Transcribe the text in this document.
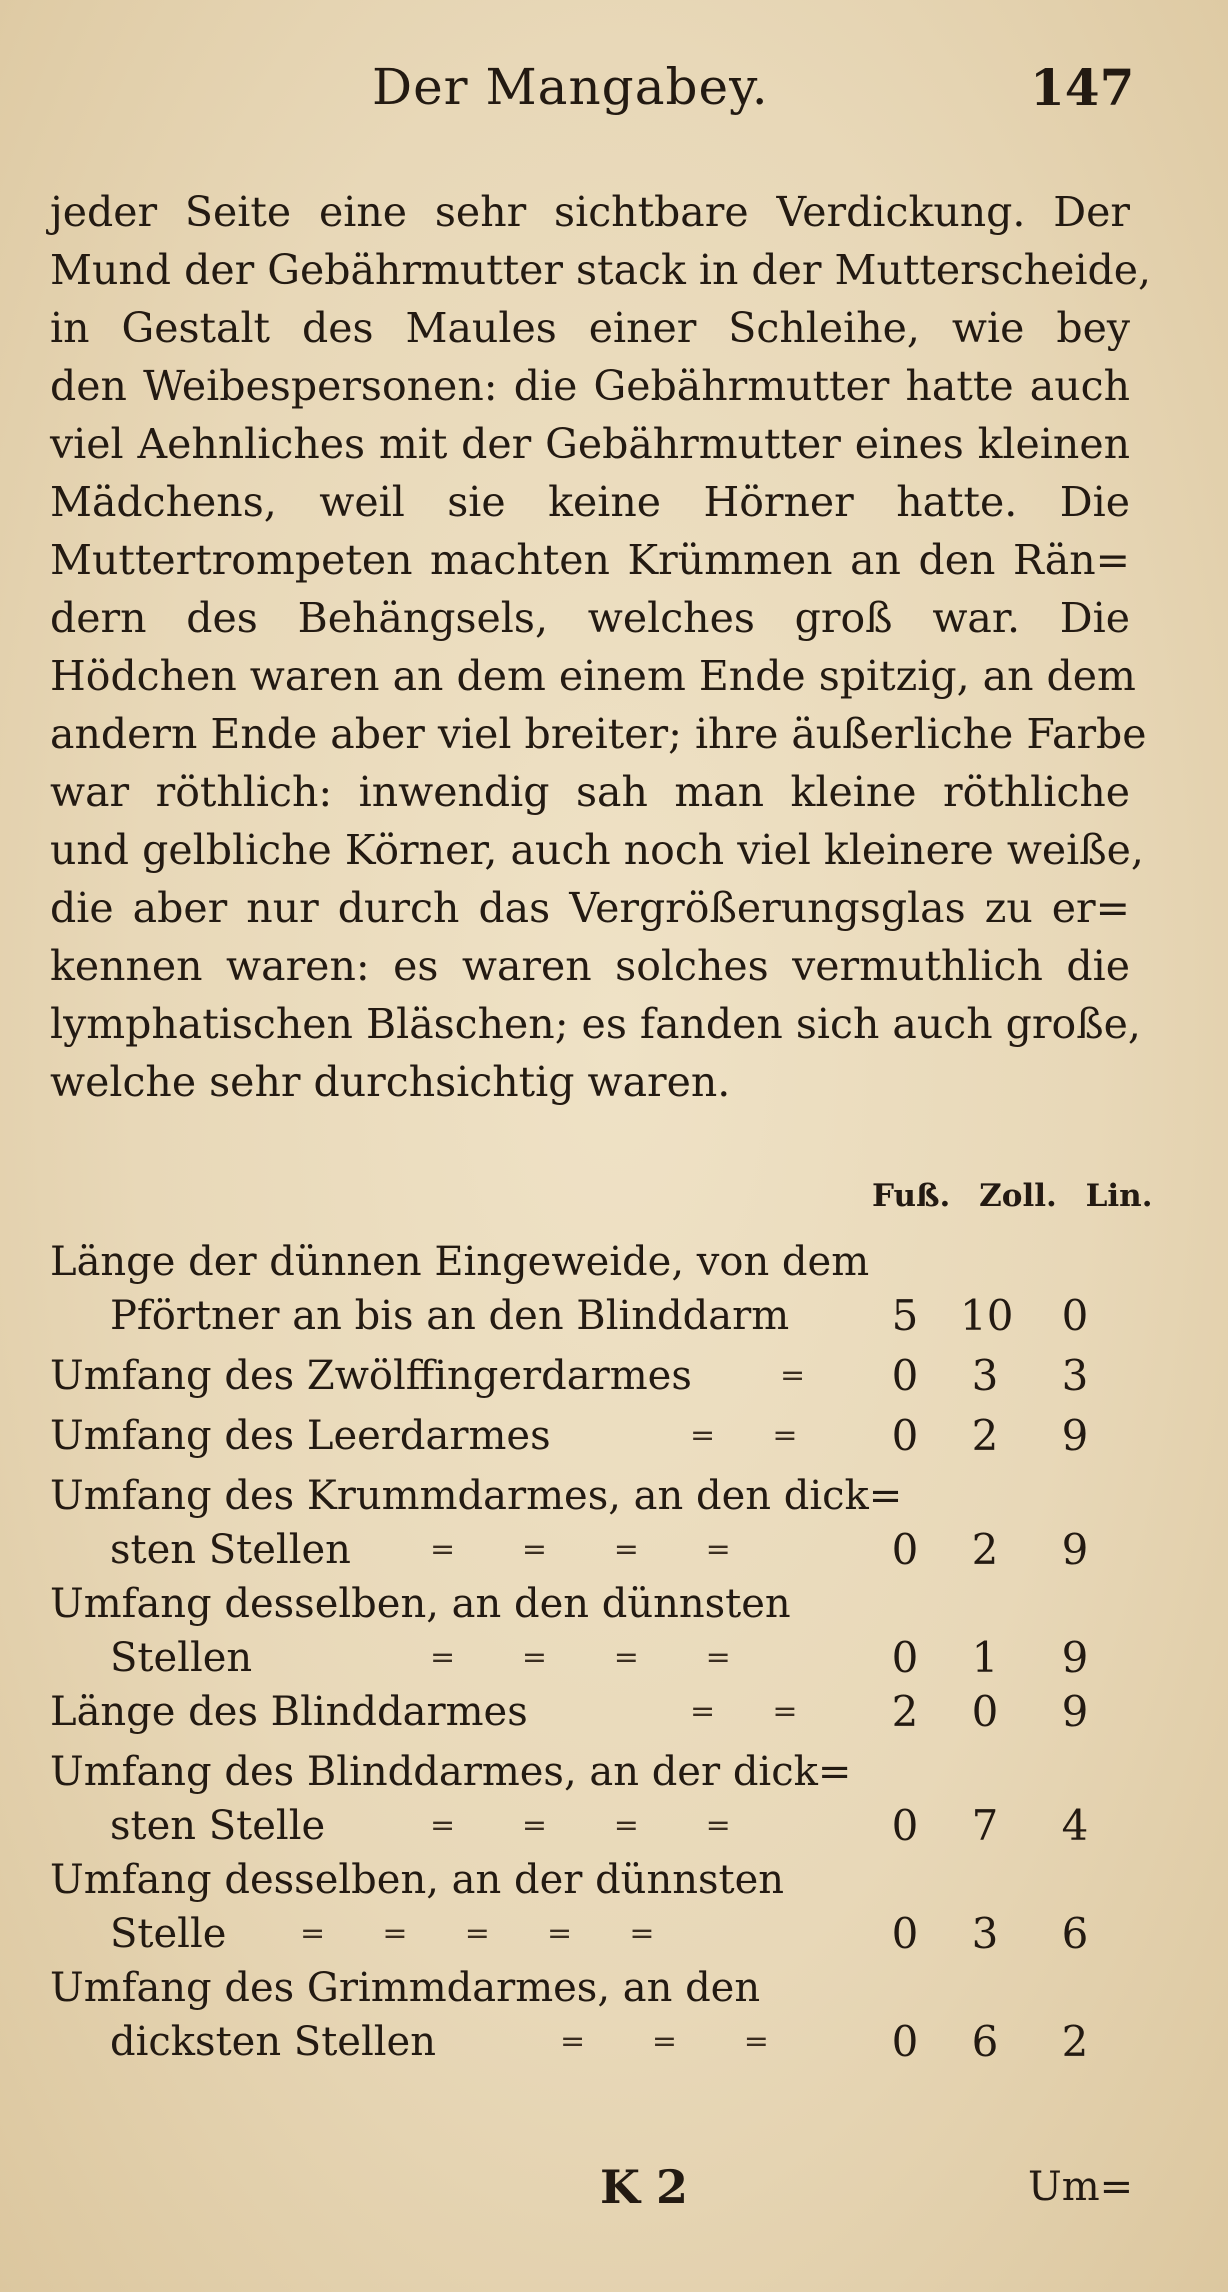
Der Mangabey.	147
jeder Seite eine sehr sichtbare Verdickung. Der
Mund der Gebährmutter stack in der Mutterscheide,
in Gestalt des Maules einer Schleihe, wie bey
den Weibespersonen: die Gebährmutter hatte auch
viel Aehnliches mit der Gebährmutter eines kleinen
Mädchens, weil sie keine Hörner hatte. Die
Muttertrompeten machten Krümmen an den Rän=
dern des Behängsels, welches groß war. Die
Hödchen waren an dem einem Ende spitzig, an dem
andern Ende aber viel breiter; ihre äußerliche Farbe
war röthlich: inwendig sah man kleine röthliche
und gelbliche Körner, auch noch viel kleinere weiße,
die aber nur durch das Vergrößerungsglas zu er=
kennen waren: es waren solches vermuthlich die
lymphatischen Bläschen; es fanden sich auch große,
welche sehr durchsichtig waren.
Fuß. Zoll. Lin.
Länge der dünnen Eingeweide, von dem
Pförtner an bis an den Blinddarm 5 10 0
Umfang des Zwölffingerdarmes	= 0 3 3
Umfang des Leerdarmes	=      = 0 2 9
Umfang des Krummdarmes, an den dick=
sten Stellen	=       =       =       =	0 2 9
Umfang desselben, an den dünnsten
Stellen	=       =       =       =	0 1 9
Länge des Blinddarmes	=      = 2 0 9
Umfang des Blinddarmes, an der dick=
sten Stelle	=       =       =       =	0 7 4
Umfang desselben, an der dünnsten
Stelle =      =      =      =      =	0 3 6
Umfang des Grimmdarmes, an den
dicksten Stellen	=       =       =	0 6 2
K 2	Um=
